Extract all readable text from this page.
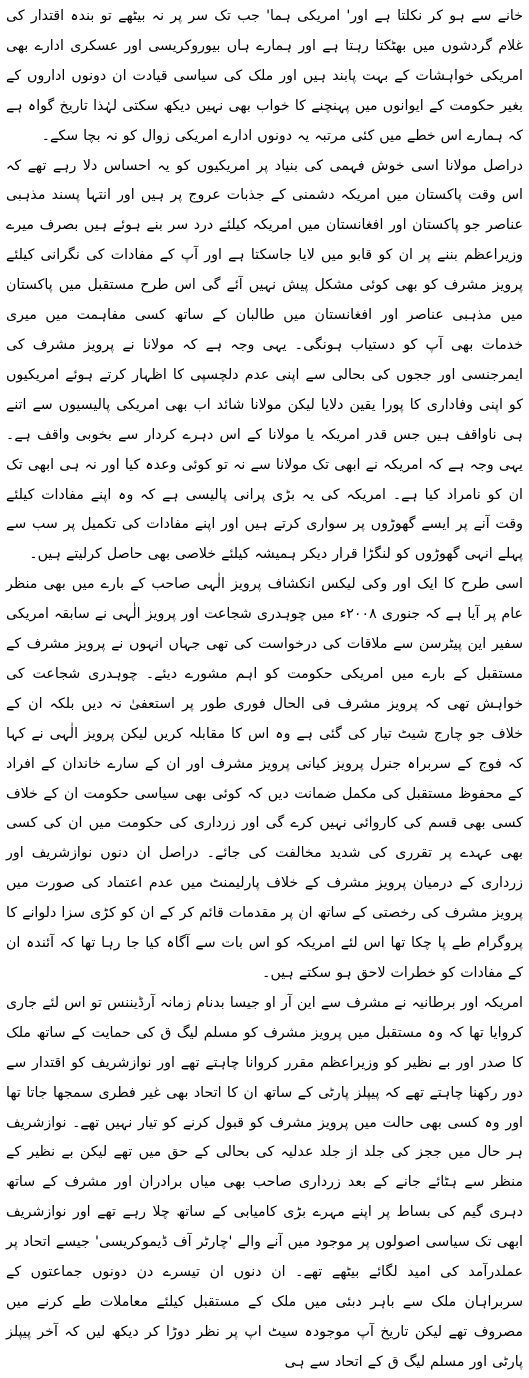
خانے سے ہو کر نکلتا ہے اور' امریکی ہما' جب تک سر پر نہ بیٹھے تو بندہ اقتدار کی غلام گردشوں میں بھٹکتا رہتا ہے اور ہمارے ہاں بیوروکریسی اور عسکری ادارے بھی امریکی خواہشات کے بہت پابند ہیں اور ملک کی سیاسی قیادت ان دونوں اداروں کے بغیر حکومت کے ایوانوں میں پہنچنے کا خواب بھی نہیں دیکھ سکتی لہٰذا تاریخ گواہ ہے کہ ہمارے اس خطے میں کئی مرتبہ یہ دونوں ادارے امریکی زوال کو نہ بچا سکے۔

دراصل مولانا اسی خوش فہمی کی بنیاد پر امریکیوں کو یہ احساس دلا رہے تھے کہ اس وقت پاکستان میں امریکہ دشمنی کے جذبات عروج پر ہیں اور انتہا پسند مذہبی عناصر جو پاکستان اور افغانستان میں امریکہ کیلئے درد سر بنے ہوئے ہیں بصرف میرے وزیراعظم بننے پر ان کو قابو میں لایا جاسکتا ہے اور آپ کے مفادات کی نگرانی کیلئے پرویز مشرف کو بھی کوئی مشکل پیش نہیں آئے گی اس طرح مستقبل میں پاکستان میں مذہبی عناصر اور افغانستان میں طالبان کے ساتھ کسی مفاہمت میں میری خدمات بھی آپ کو دستیاب ہونگی۔ یہی وجہ ہے کہ مولانا نے پرویز مشرف کی ایمرجنسی اور ججوں کی بحالی سے اپنی عدم دلچسپی کا اظہار کرتے ہوئے امریکیوں کو اپنی وفاداری کا پورا یقین دلایا لیکن مولانا شائد اب بھی امریکی پالیسیوں سے اتنے ہی ناواقف ہیں جس قدر امریکہ یا مولانا کے اس دہرے کردار سے بخوبی واقف ہے۔ یہی وجہ ہے کہ امریکہ نے ابھی تک مولانا سے نہ تو کوئی وعدہ کیا اور نہ ہی ابھی تک ان کو نامراد کیا ہے۔ امریکہ کی یہ بڑی پرانی پالیسی ہے کہ وہ اپنے مفادات کیلئے وقت آنے پر ایسے گھوڑوں پر سواری کرتے ہیں اور اپنے مفادات کی تکمیل پر سب سے پہلے انہی گھوڑوں کو لنگڑا قرار دیکر ہمیشہ کیلئے خلاصی بھی حاصل کرلیتے ہیں۔

اسی طرح کا ایک اور وکی لیکس انکشاف پرویز الٰہی صاحب کے بارے میں بھی منظر عام پر آیا ہے کہ جنوری ۲۰۰۸ء میں چوہدری شجاعت اور پرویز الٰہی نے سابقہ امریکی سفیر این پیٹرسن سے ملاقات کی درخواست کی تھی جہاں انہوں نے پرویز مشرف کے مستقبل کے بارے میں امریکی حکومت کو اہم مشورے دیئے۔ چوہدری شجاعت کی خواہش تھی کہ پرویز مشرف فی الحال فوری طور پر استعفیٰ نہ دیں بلکہ ان کے خلاف جو چارج شیٹ تیار کی گئی ہے وہ اس کا مقابلہ کریں لیکن پرویز الٰہی نے کہا کہ فوج کے سربراہ جنرل پرویز کیانی پرویز مشرف اور ان کے سارے خاندان کے افراد کے محفوظ مستقبل کی مکمل ضمانت دیں کہ کوئی بھی سیاسی حکومت ان کے خلاف کسی بھی قسم کی کاروائی نہیں کرے گی اور زرداری کی حکومت میں ان کی کسی بھی عہدے پر تقرری کی شدید مخالفت کی جائے۔ دراصل ان دنوں نوازشریف اور زرداری کے درمیان پرویز مشرف کے خلاف پارلیمنٹ میں عدم اعتماد کی صورت میں پرویز مشرف کی رخصتی کے ساتھ ان پر مقدمات قائم کر کے ان کو کڑی سزا دلوانے کا پروگرام طے پا چکا تھا اس لئے امریکہ کو اس بات سے آگاہ کیا جا رہا تھا کہ آئندہ ان کے مفادات کو خطرات لاحق ہو سکتے ہیں۔

امریکہ اور برطانیہ نے مشرف سے این آر او جیسا بدنام زمانہ آرڈیننس تو اس لئے جاری کروایا تھا کہ وہ مستقبل میں پرویز مشرف کو مسلم لیگ ق کی حمایت کے ساتھ ملک کا صدر اور بے نظیر کو وزیراعظم مقرر کروانا چاہتے تھے اور نوازشریف کو اقتدار سے دور رکھنا چاہتے تھے کہ پیپلز پارٹی کے ساتھ ان کا اتحاد بھی غیر فطری سمجھا جاتا تھا اور وہ کسی بھی حالت میں پرویز مشرف کو قبول کرنے کو تیار نہیں تھے۔ نوازشریف ہر حال میں ججز کی جلد از جلد عدلیہ کی بحالی کے حق میں تھے لیکن بے نظیر کے منظر سے ہٹائے جانے کے بعد زرداری صاحب بھی میاں برادران اور مشرف کے ساتھ دہری گیم کی بساط پر اپنے مہرے بڑی کامیابی کے ساتھ چلا رہے تھے اور نوازشریف ابھی تک سیاسی اصولوں پر موجود میں آنے والے 'چارٹر آف ڈیموکریسی' جیسے اتحاد پر عملدرآمد کی امید لگائے بیٹھے تھے۔ ان دنوں ان تیسرے دن دونوں جماعتوں کے سربراہان ملک سے باہر دبئی میں ملک کے مستقبل کیلئے معاملات طے کرنے میں مصروف تھے لیکن تاریخ آپ موجودہ سیٹ اپ پر نظر دوڑا کر دیکھ لیں کہ آخر پیپلز پارٹی اور مسلم لیگ ق کے اتحاد سے ہی
